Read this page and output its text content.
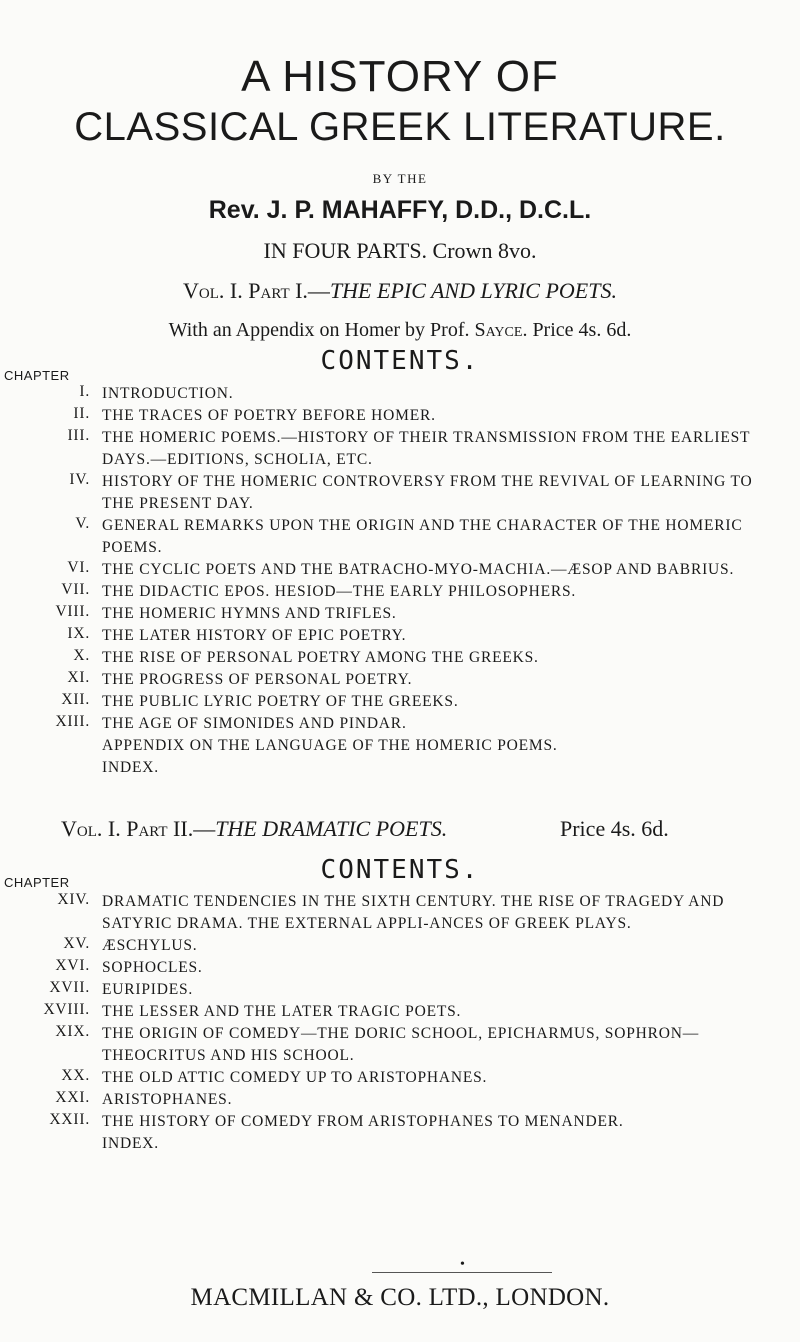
A HISTORY OF
CLASSICAL GREEK LITERATURE.
BY THE
Rev. J. P. MAHAFFY, D.D., D.C.L.
IN FOUR PARTS. Crown 8vo.
Vol. I. Part I.—THE EPIC AND LYRIC POETS.
With an Appendix on Homer by Prof. Sayce. Price 4s. 6d.
CHAPTER	CONTENTS.
I. INTRODUCTION.
II. THE TRACES OF POETRY BEFORE HOMER.
III. THE HOMERIC POEMS.—HISTORY OF THEIR TRANSMISSION FROM THE EARLIEST DAYS.—EDITIONS, SCHOLIA, ETC.
IV. HISTORY OF THE HOMERIC CONTROVERSY FROM THE REVIVAL OF LEARNING TO THE PRESENT DAY.
V. GENERAL REMARKS UPON THE ORIGIN AND THE CHARACTER OF THE HOMERIC POEMS.
VI. THE CYCLIC POETS AND THE BATRACHO-MYO-MACHIA.—ÆSOP AND BABRIUS.
VII. THE DIDACTIC EPOS. HESIOD—THE EARLY PHILOSOPHERS.
VIII. THE HOMERIC HYMNS AND TRIFLES.
IX. THE LATER HISTORY OF EPIC POETRY.
X. THE RISE OF PERSONAL POETRY AMONG THE GREEKS.
XI. THE PROGRESS OF PERSONAL POETRY.
XII. THE PUBLIC LYRIC POETRY OF THE GREEKS.
XIII. THE AGE OF SIMONIDES AND PINDAR.
APPENDIX ON THE LANGUAGE OF THE HOMERIC POEMS.
INDEX.
Vol. I. Part II.—THE DRAMATIC POETS.	Price 4s. 6d.
CHAPTER	CONTENTS.
XIV. DRAMATIC TENDENCIES IN THE SIXTH CENTURY. THE RISE OF TRAGEDY AND SATYRIC DRAMA. THE EXTERNAL APPLI-ANCES OF GREEK PLAYS.
XV. ÆSCHYLUS.
XVI. SOPHOCLES.
XVII. EURIPIDES.
XVIII. THE LESSER AND THE LATER TRAGIC POETS.
XIX. THE ORIGIN OF COMEDY—THE DORIC SCHOOL, EPICHARMUS, SOPHRON—THEOCRITUS AND HIS SCHOOL.
XX. THE OLD ATTIC COMEDY UP TO ARISTOPHANES.
XXI. ARISTOPHANES.
XXII. THE HISTORY OF COMEDY FROM ARISTOPHANES TO MENANDER.
INDEX.
•
MACMILLAN & CO. LTD., LONDON.
